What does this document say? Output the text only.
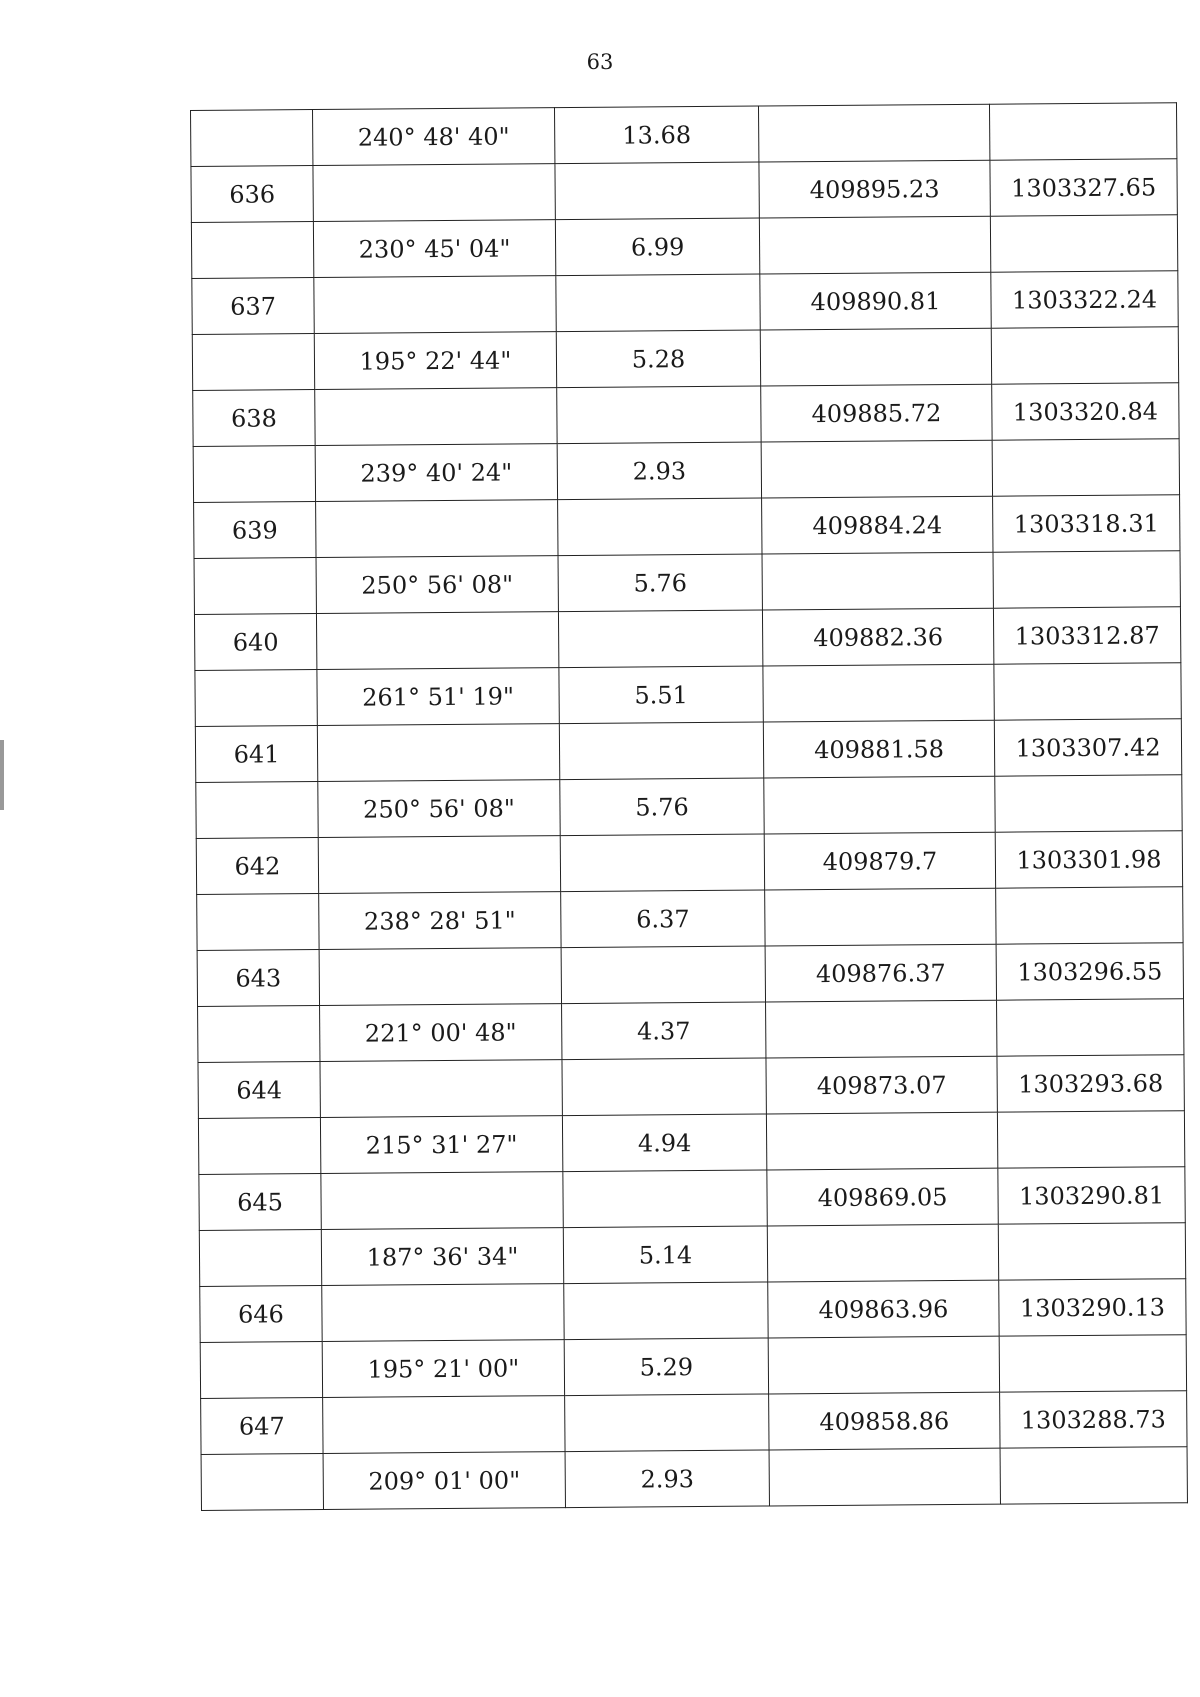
63
	240° 48' 40"	13.68		
636			409895.23	1303327.65
	230° 45' 04"	6.99		
637			409890.81	1303322.24
	195° 22' 44"	5.28		
638			409885.72	1303320.84
	239° 40' 24"	2.93		
639			409884.24	1303318.31
	250° 56' 08"	5.76		
640			409882.36	1303312.87
	261° 51' 19"	5.51		
641			409881.58	1303307.42
	250° 56' 08"	5.76		
642			409879.7	1303301.98
	238° 28' 51"	6.37		
643			409876.37	1303296.55
	221° 00' 48"	4.37		
644			409873.07	1303293.68
	215° 31' 27"	4.94		
645			409869.05	1303290.81
	187° 36' 34"	5.14		
646			409863.96	1303290.13
	195° 21' 00"	5.29		
647			409858.86	1303288.73
	209° 01' 00"	2.93		
